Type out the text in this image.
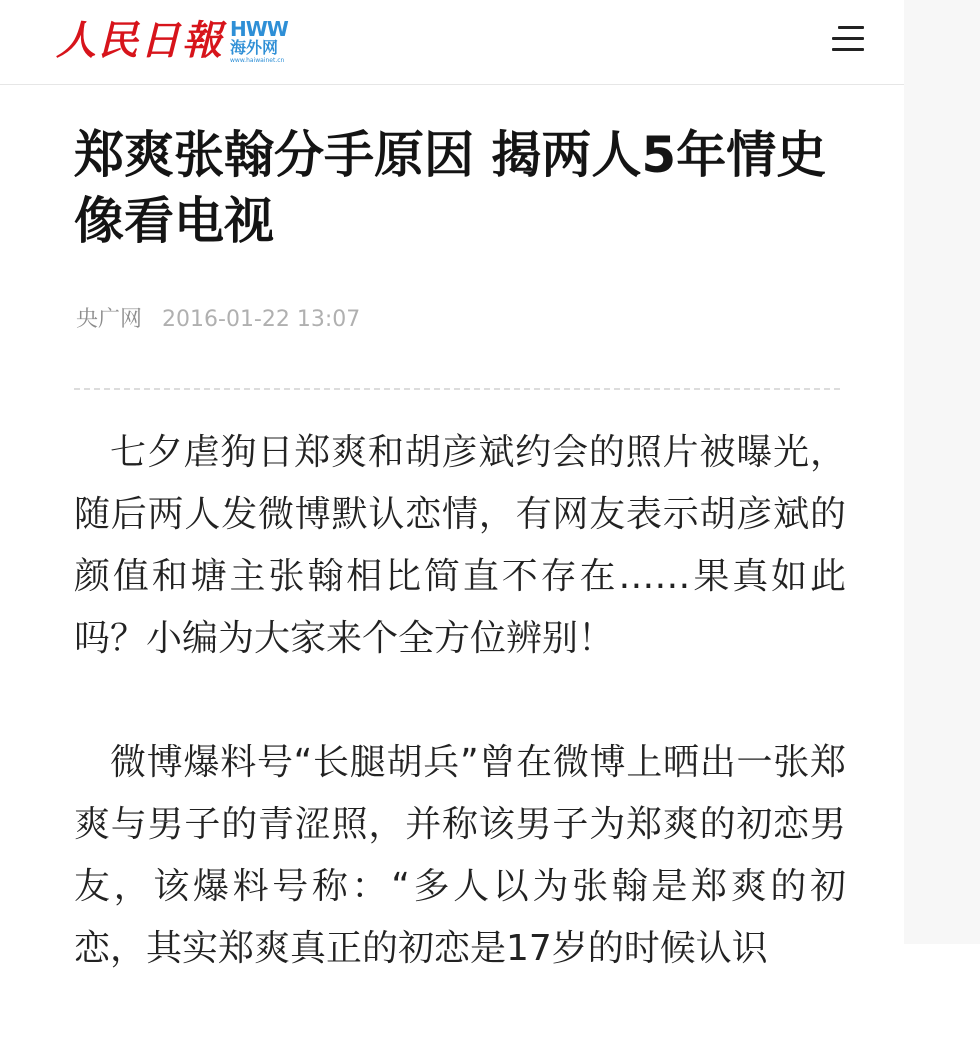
人民日報 HWW
海外网
www.haiwainet.cn
郑爽张翰分手原因 揭两人5年情史像看电视
央广网 2016-01-22 13:07

七夕虐狗日郑爽和胡彦斌约会的照片被曝光，随后两人发微博默认恋情，有网友表示胡彦斌的颜值和塘主张翰相比简直不存在……果真如此吗？小编为大家来个全方位辨别！

微博爆料号“长腿胡兵”曾在微博上晒出一张郑爽与男子的青涩照，并称该男子为郑爽的初恋男友，该爆料号称：“多人以为张翰是郑爽的初恋，其实郑爽真正的初恋是17岁的时候认识
